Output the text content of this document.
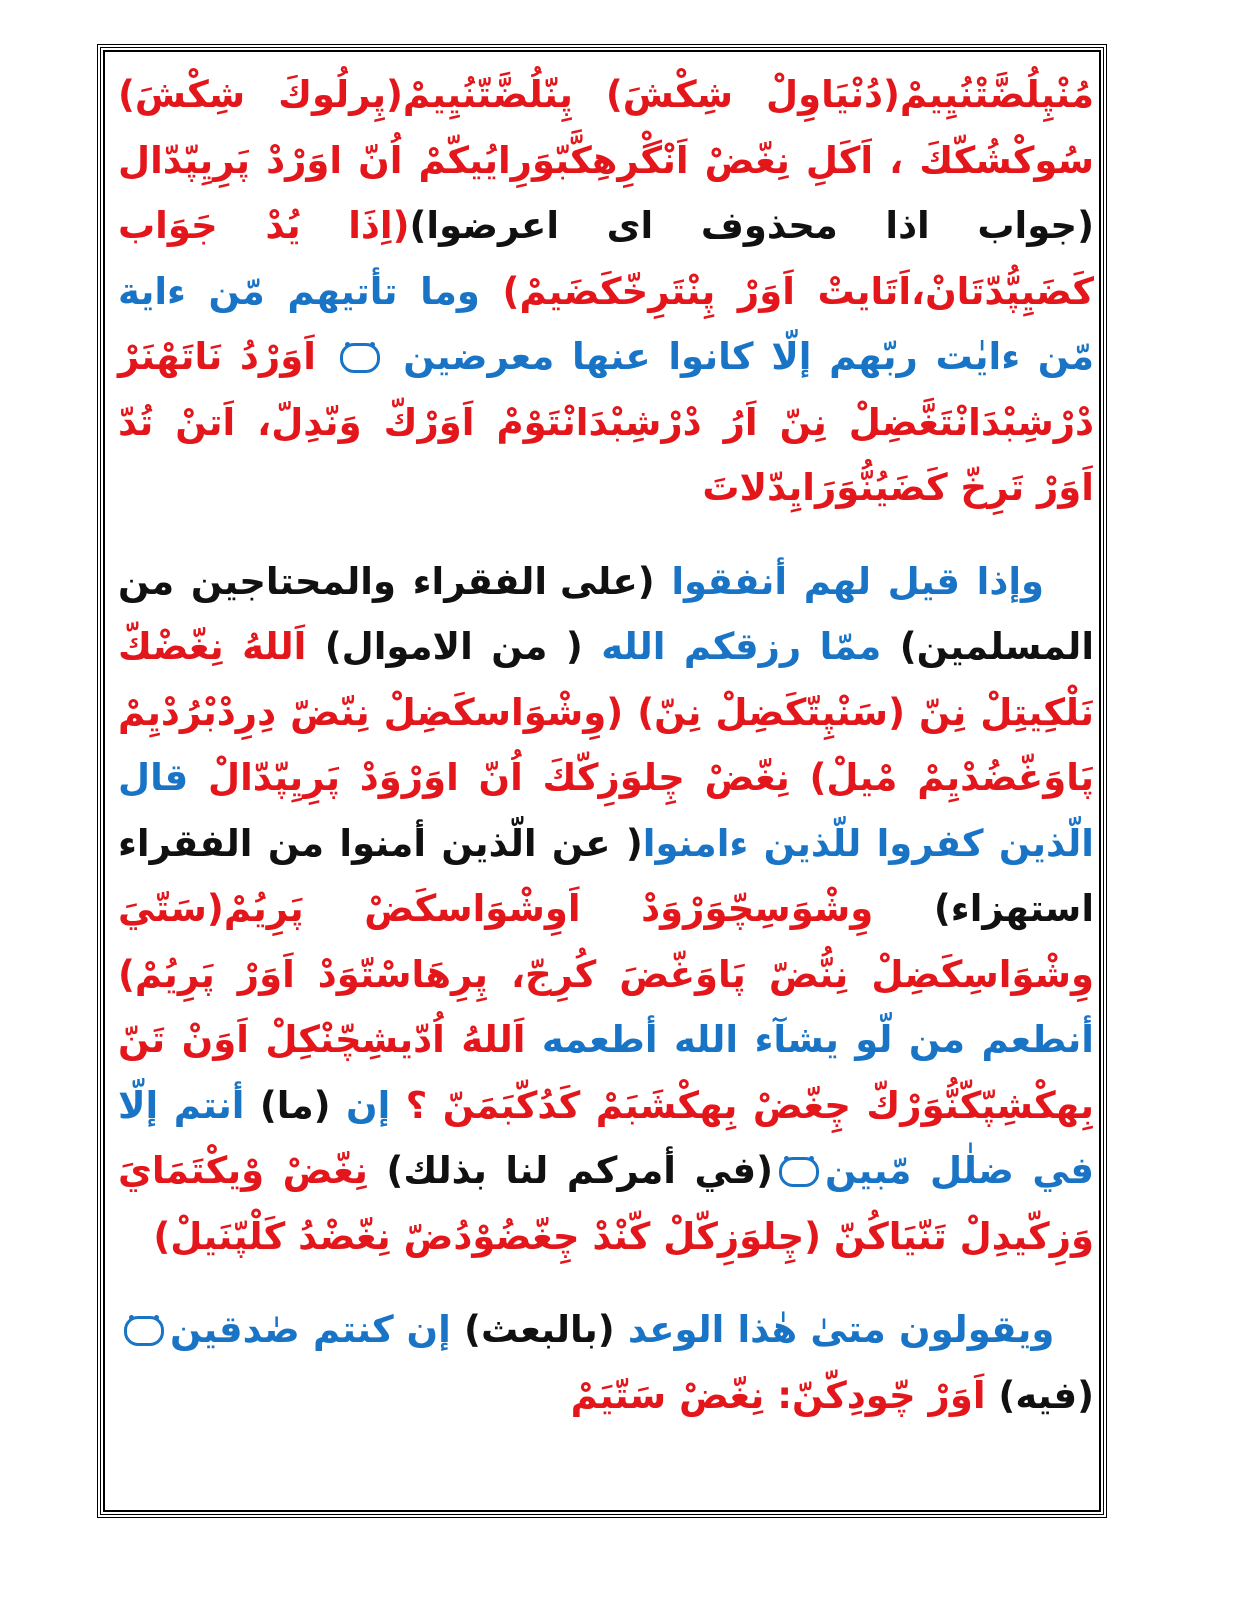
مُنْپِلُضَّتْنُيِيمْ(دُنْيَاوِلْ شِكْشَ) پِنّلُضَّتّنُيِيمْ(پِرلُوكَ شِكْشَ) سُوكْشُكّكَ ، اَكَلِ نِغّضْ اَنْگْرِهِكَّبّوَرِايُيكّمْ اُنّ اوَرْدْ پَرِيِپّدّال (جواب اذا محذوف اى اعرضوا)(اِذَا يُدْ جَوَاب كَضَيِپُّدّتَانْ،اَتَايتْ اَوَرْ پِنْتَرِخّكَضَيمْ) وما تأتيهم مّن ءاية مّن ءايٰت ربّهم إلّا كانوا عنها معرضين  اَوَرْدُ نَاتَهْنَرْ دْرْشِبْدَانْتَغَّضِلْ نِنّ اَرُ دْرْشِبْدَانْتَوْمْ اَوَرْكّ وَنّدِلّ، اَتنْ تُدّ اَوَرْ تَرِخّ كَضَيُنُّوَرَايِدّلاتَ

وإذا قيل لهم أنفقوا (على الفقراء والمحتاجين من المسلمين) ممّا رزقكم الله ( من الاموال) اَللهُ نِغّضْكّ نَلْكِيتِلْ نِنّ (سَنْپِتّكَضِلْ نِنّ) (وِشْوَاسكَضِلْ نِنّضّ دِرِدْبْرُدْيِمْ پَاوَغّضُدْيِمْ مْيلْ) نِغّضْ چِلوَزِكّكَ اُنّ اوَرْوَدْ پَرِيِپّدّالْ قال الّذين كفروا للّذين ءامنوا( عن الّذين أمنوا من الفقراء استهزاء) وِشْوَسِچّوَرْوَدْ اَوِشْوَاسكَضْ پَرِيُمْ(سَتّيَ وِشْوَاسِكَضِلْ نِنُّضّ پَاوَغّضَ كُرِجّ، پِرِهَاسْتّوَدْ اَوَرْ پَرِيُمْ) أنطعم من لّو يشآء الله أطعمه اَللهُ اُدّيشِچّنْكِلْ اَوَنْ تَنّ بِهكْشِپّكّنُّوَرْكّ چِغّضْ بِهكْشَبَمْ كَدُكّبَمَنّ ؟ إن (ما) أنتم إلّا في ضلٰل مّبين(في أمركم لنا بذلك) نِغّضْ وْيكْتَمَايَ وَزِكّيدِلْ تَنّيَاكُنّ (چِلوَزِكّلْ كّنْدْ چِغّضُوْدُضّ نِغّضْدُ كَلْپّنَيلْ)

ويقولون متىٰ هٰذا الوعد (بالبعث) إن كنتم صٰدقين (فيه) اَوَرْ چّودِكّنّ: نِغّضْ سَتّيَمْ
